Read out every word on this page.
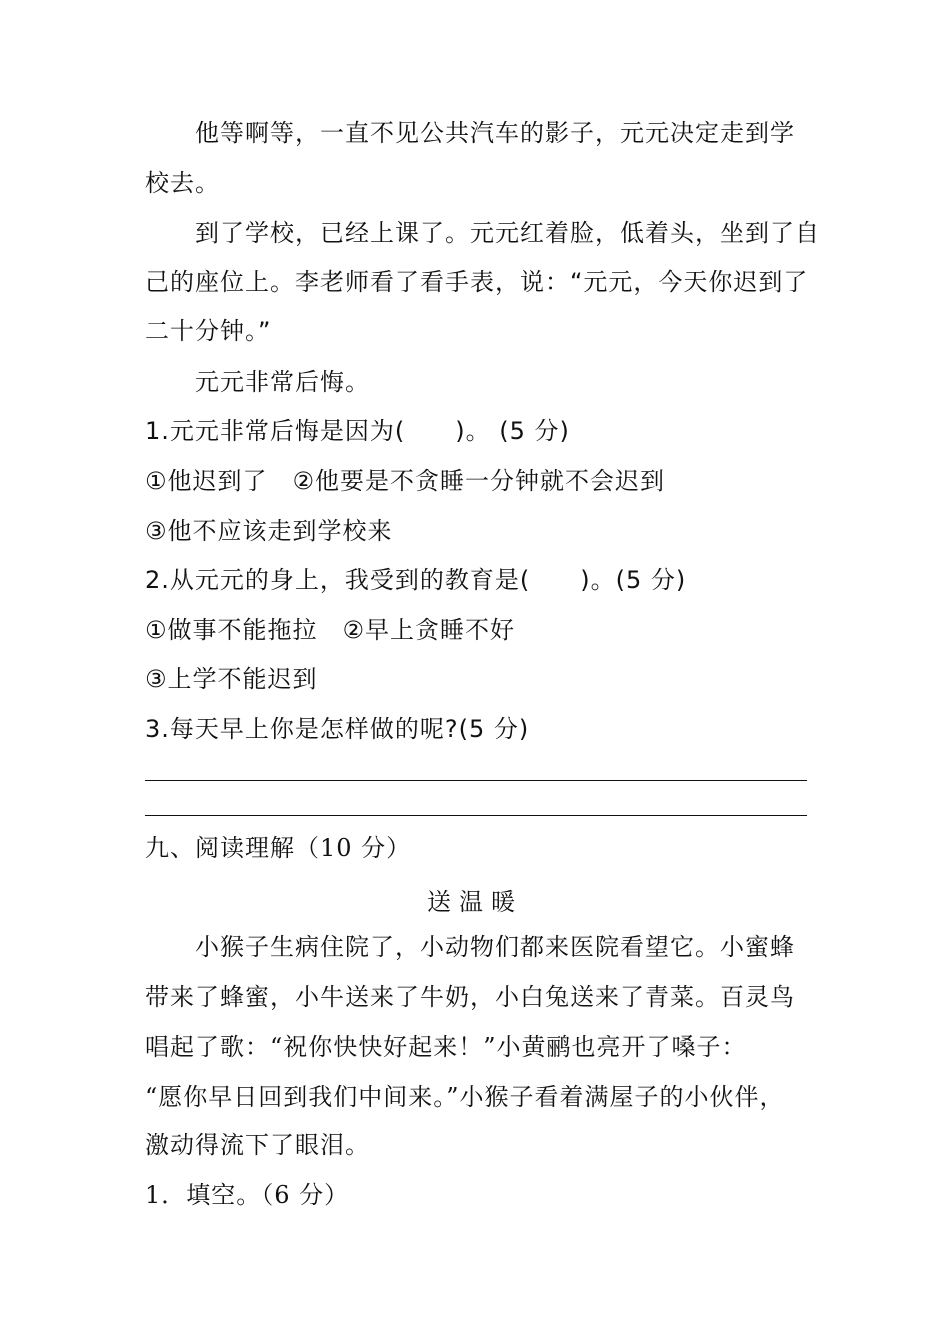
他等啊等，一直不见公共汽车的影子，元元决定走到学
校去。
到了学校，已经上课了。元元红着脸，低着头，坐到了自
己的座位上。李老师看了看手表，说：“元元，今天你迟到了
二十分钟。”
元元非常后悔。
1.元元非常后悔是因为(　　)。 (5 分)
①他迟到了　②他要是不贪睡一分钟就不会迟到
③他不应该走到学校来
2.从元元的身上，我受到的教育是(　　)。(5 分)
①做事不能拖拉　②早上贪睡不好
③上学不能迟到
3.每天早上你是怎样做的呢?(5 分)
九、阅读理解（10 分）
送温暖
小猴子生病住院了，小动物们都来医院看望它。小蜜蜂
带来了蜂蜜，小牛送来了牛奶，小白兔送来了青菜。百灵鸟
唱起了歌：“祝你快快好起来！”小黄鹂也亮开了嗓子：
“愿你早日回到我们中间来。”小猴子看着满屋子的小伙伴，
激动得流下了眼泪。
1．填空。（6 分）
